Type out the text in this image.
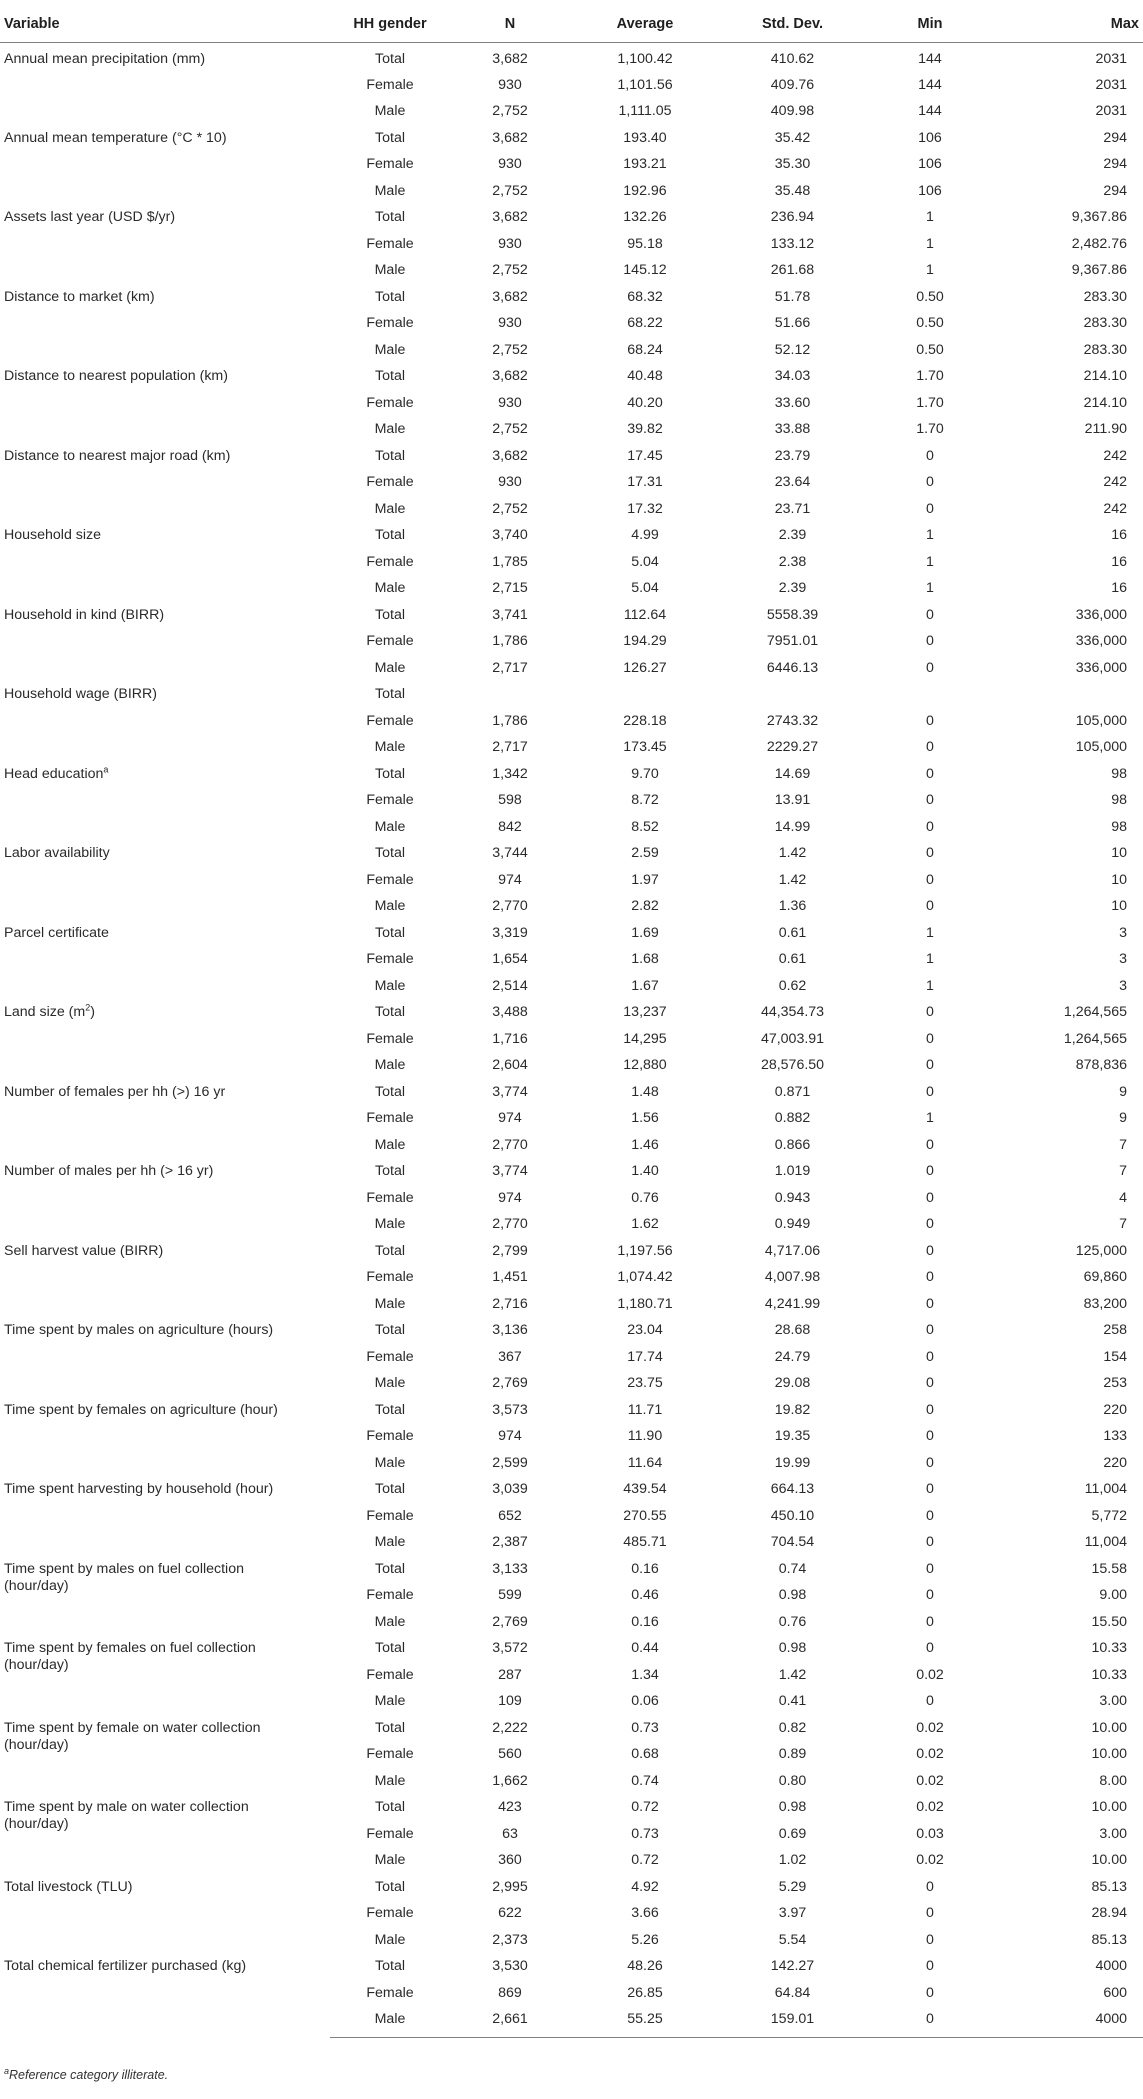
Variable	HH gender	N	Average	Std. Dev.	Min	Max

Annual mean precipitation (mm)	Total	3,682	1,100.42	410.62	144	2031
	Female	930	1,101.56	409.76	144	2031
	Male	2,752	1,111.05	409.98	144	2031

Annual mean temperature (°C * 10)	Total	3,682	193.40	35.42	106	294
	Female	930	193.21	35.30	106	294
	Male	2,752	192.96	35.48	106	294

Assets last year (USD $/yr)	Total	3,682	132.26	236.94	1	9,367.86
	Female	930	95.18	133.12	1	2,482.76
	Male	2,752	145.12	261.68	1	9,367.86

Distance to market (km)	Total	3,682	68.32	51.78	0.50	283.30
	Female	930	68.22	51.66	0.50	283.30
	Male	2,752	68.24	52.12	0.50	283.30

Distance to nearest population (km)	Total	3,682	40.48	34.03	1.70	214.10
	Female	930	40.20	33.60	1.70	214.10
	Male	2,752	39.82	33.88	1.70	211.90

Distance to nearest major road (km)	Total	3,682	17.45	23.79	0	242
	Female	930	17.31	23.64	0	242
	Male	2,752	17.32	23.71	0	242

Household size	Total	3,740	4.99	2.39	1	16
	Female	1,785	5.04	2.38	1	16
	Male	2,715	5.04	2.39	1	16

Household in kind (BIRR)	Total	3,741	112.64	5558.39	0	336,000
	Female	1,786	194.29	7951.01	0	336,000
	Male	2,717	126.27	6446.13	0	336,000

Household wage (BIRR)	Total					
	Female	1,786	228.18	2743.32	0	105,000
	Male	2,717	173.45	2229.27	0	105,000

Head education$^a$	Total	1,342	9.70	14.69	0	98
	Female	598	8.72	13.91	0	98
	Male	842	8.52	14.99	0	98

Labor availability	Total	3,744	2.59	1.42	0	10
	Female	974	1.97	1.42	0	10
	Male	2,770	2.82	1.36	0	10

Parcel certificate	Total	3,319	1.69	0.61	1	3
	Female	1,654	1.68	0.61	1	3
	Male	2,514	1.67	0.62	1	3

Land size $(m^2)$	Total	3,488	13,237	44,354.73	0	1,264,565
	Female	1,716	14,295	47,003.91	0	1,264,565
	Male	2,604	12,880	28,576.50	0	878,836

Number of females per hh (>) 16 yr	Total	3,774	1.48	0.871	0	9
	Female	974	1.56	0.882	1	9
	Male	2,770	1.46	0.866	0	7

Number of males per hh (> 16 yr)	Total	3,774	1.40	1.019	0	7
	Female	974	0.76	0.943	0	4
	Male	2,770	1.62	0.949	0	7

Sell harvest value (BIRR)	Total	2,799	1,197.56	4,717.06	0	125,000
	Female	1,451	1,074.42	4,007.98	0	69,860
	Male	2,716	1,180.71	4,241.99	0	83,200

Time spent by males on agriculture (hours)	Total	3,136	23.04	28.68	0	258
	Female	367	17.74	24.79	0	154
	Male	2,769	23.75	29.08	0	253

Time spent by females on agriculture (hour)	Total	3,573	11.71	19.82	0	220
	Female	974	11.90	19.35	0	133
	Male	2,599	11.64	19.99	0	220

Time spent harvesting by household (hour)	Total	3,039	439.54	664.13	0	11,004
	Female	652	270.55	450.10	0	5,772
	Male	2,387	485.71	704.54	0	11,004

Time spent by males on fuel collection (hour/day)	Total	3,133	0.16	0.74	0	15.58
	Female	599	0.46	0.98	0	9.00
	Male	2,769	0.16	0.76	0	15.50

Time spent by females on fuel collection (hour/day)	Total	3,572	0.44	0.98	0	10.33
	Female	287	1.34	1.42	0.02	10.33
	Male	109	0.06	0.41	0	3.00

Time spent by female on water collection (hour/day)	Total	2,222	0.73	0.82	0.02	10.00
	Female	560	0.68	0.89	0.02	10.00
	Male	1,662	0.74	0.80	0.02	8.00

Time spent by male on water collection (hour/day)	Total	423	0.72	0.98	0.02	10.00
	Female	63	0.73	0.69	0.03	3.00
	Male	360	0.72	1.02	0.02	10.00

Total livestock (TLU)	Total	2,995	4.92	5.29	0	85.13
	Female	622	3.66	3.97	0	28.94
	Male	2,373	5.26	5.54	0	85.13

Total chemical fertilizer purchased (kg)	Total	3,530	48.26	142.27	0	4000
	Female	869	26.85	64.84	0	600
	Male	2,661	55.25	159.01	0	4000
$^a$Reference category illiterate.
